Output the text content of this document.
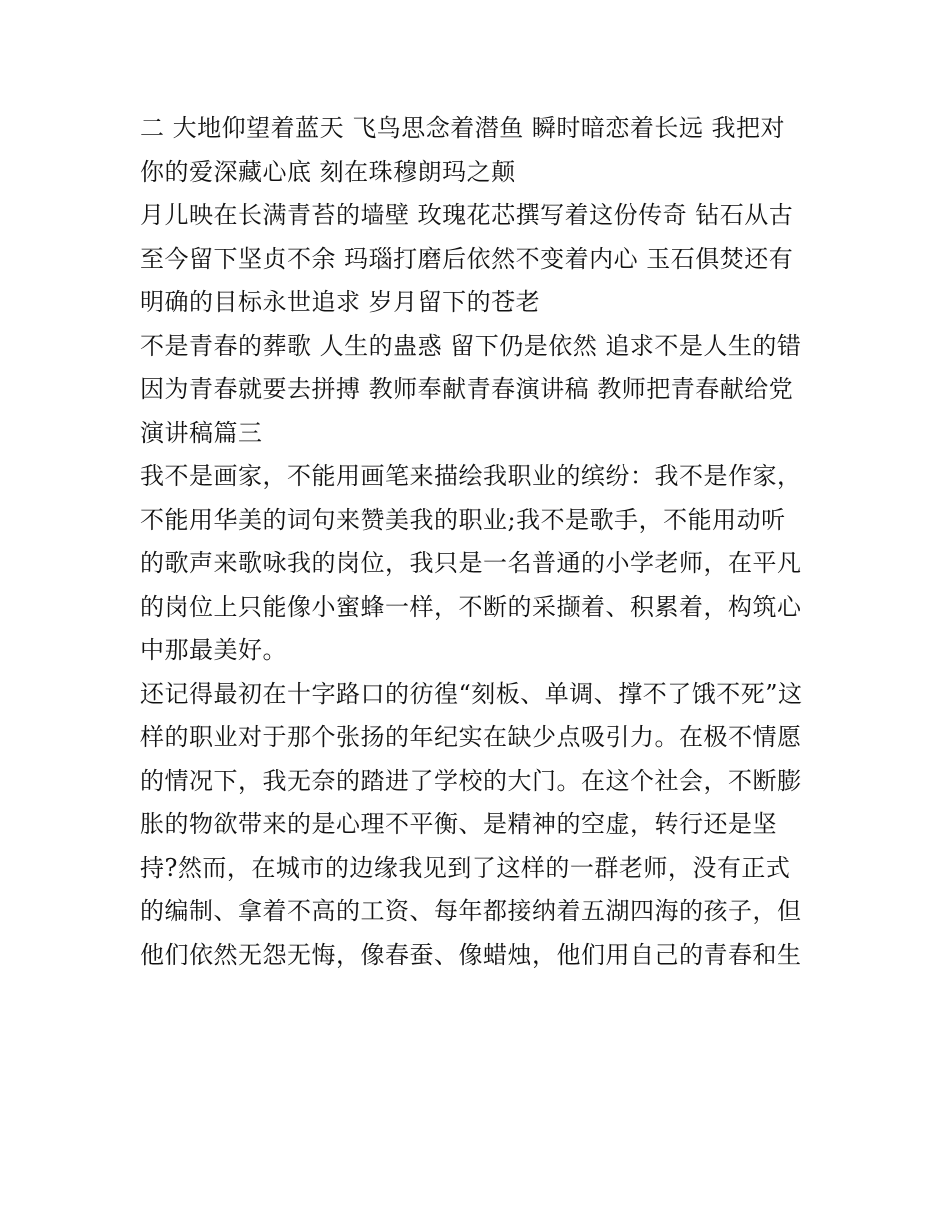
二 大地仰望着蓝天 飞鸟思念着潜鱼 瞬时暗恋着长远 我把对
你的爱深藏心底 刻在珠穆朗玛之颠
月儿映在长满青苔的墙壁 玫瑰花芯撰写着这份传奇 钻石从古
至今留下坚贞不余 玛瑙打磨后依然不变着内心 玉石俱焚还有
明确的目标永世追求 岁月留下的苍老
不是青春的葬歌 人生的蛊惑 留下仍是依然 追求不是人生的错
因为青春就要去拼搏 教师奉献青春演讲稿 教师把青春献给党
演讲稿篇三
我不是画家，不能用画笔来描绘我职业的缤纷：我不是作家，
不能用华美的词句来赞美我的职业;我不是歌手，不能用动听
的歌声来歌咏我的岗位，我只是一名普通的小学老师，在平凡
的岗位上只能像小蜜蜂一样，不断的采撷着、积累着，构筑心
中那最美好。
还记得最初在十字路口的彷徨“刻板、单调、撑不了饿不死”这
样的职业对于那个张扬的年纪实在缺少点吸引力。在极不情愿
的情况下，我无奈的踏进了学校的大门。在这个社会，不断膨
胀的物欲带来的是心理不平衡、是精神的空虚，转行还是坚
持?然而，在城市的边缘我见到了这样的一群老师，没有正式
的编制、拿着不高的工资、每年都接纳着五湖四海的孩子，但
他们依然无怨无悔，像春蚕、像蜡烛，他们用自己的青春和生
